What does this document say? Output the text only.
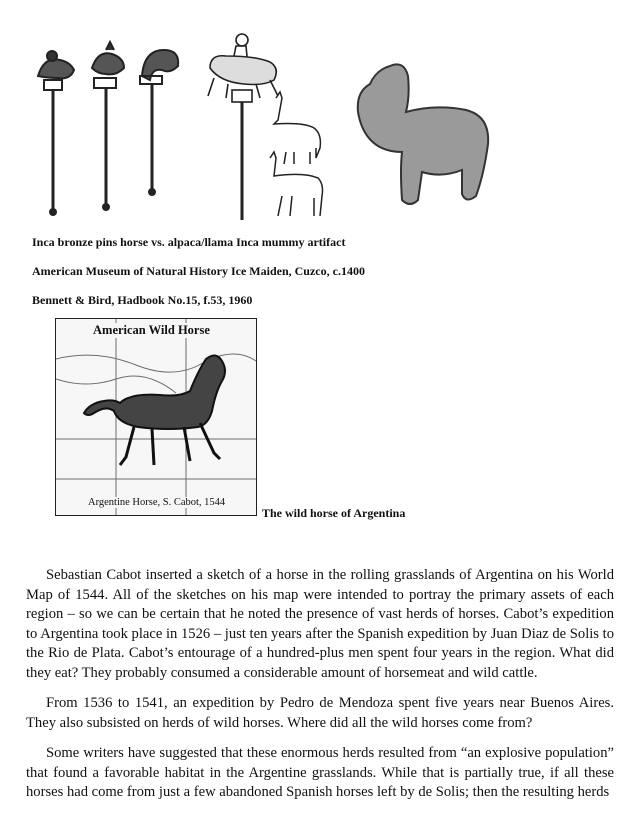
Inca bronze pins horse vs. alpaca/llama Inca mummy artifact
American Museum of Natural History Ice Maiden, Cuzco, c.1400
Bennett & Bird, Hadbook No.15, f.53, 1960
American Wild Horse
Argentine Horse, S. Cabot, 1544
The wild horse of Argentina

Sebastian Cabot inserted a sketch of a horse in the rolling grasslands of Argentina on his World Map of 1544. All of the sketches on his map were intended to portray the primary assets of each region – so we can be certain that he noted the presence of vast herds of horses. Cabot’s expedition to Argentina took place in 1526 – just ten years after the Spanish expedition by Juan Diaz de Solis to the Rio de Plata. Cabot’s entourage of a hundred-plus men spent four years in the region. What did they eat? They probably consumed a considerable amount of horsemeat and wild cattle.

From 1536 to 1541, an expedition by Pedro de Mendoza spent five years near Buenos Aires. They also subsisted on herds of wild horses. Where did all the wild horses come from?

Some writers have suggested that these enormous herds resulted from “an explosive population” that found a favorable habitat in the Argentine grasslands. While that is partially true, if all these horses had come from just a few abandoned Spanish horses left by de Solis; then the resulting herds
